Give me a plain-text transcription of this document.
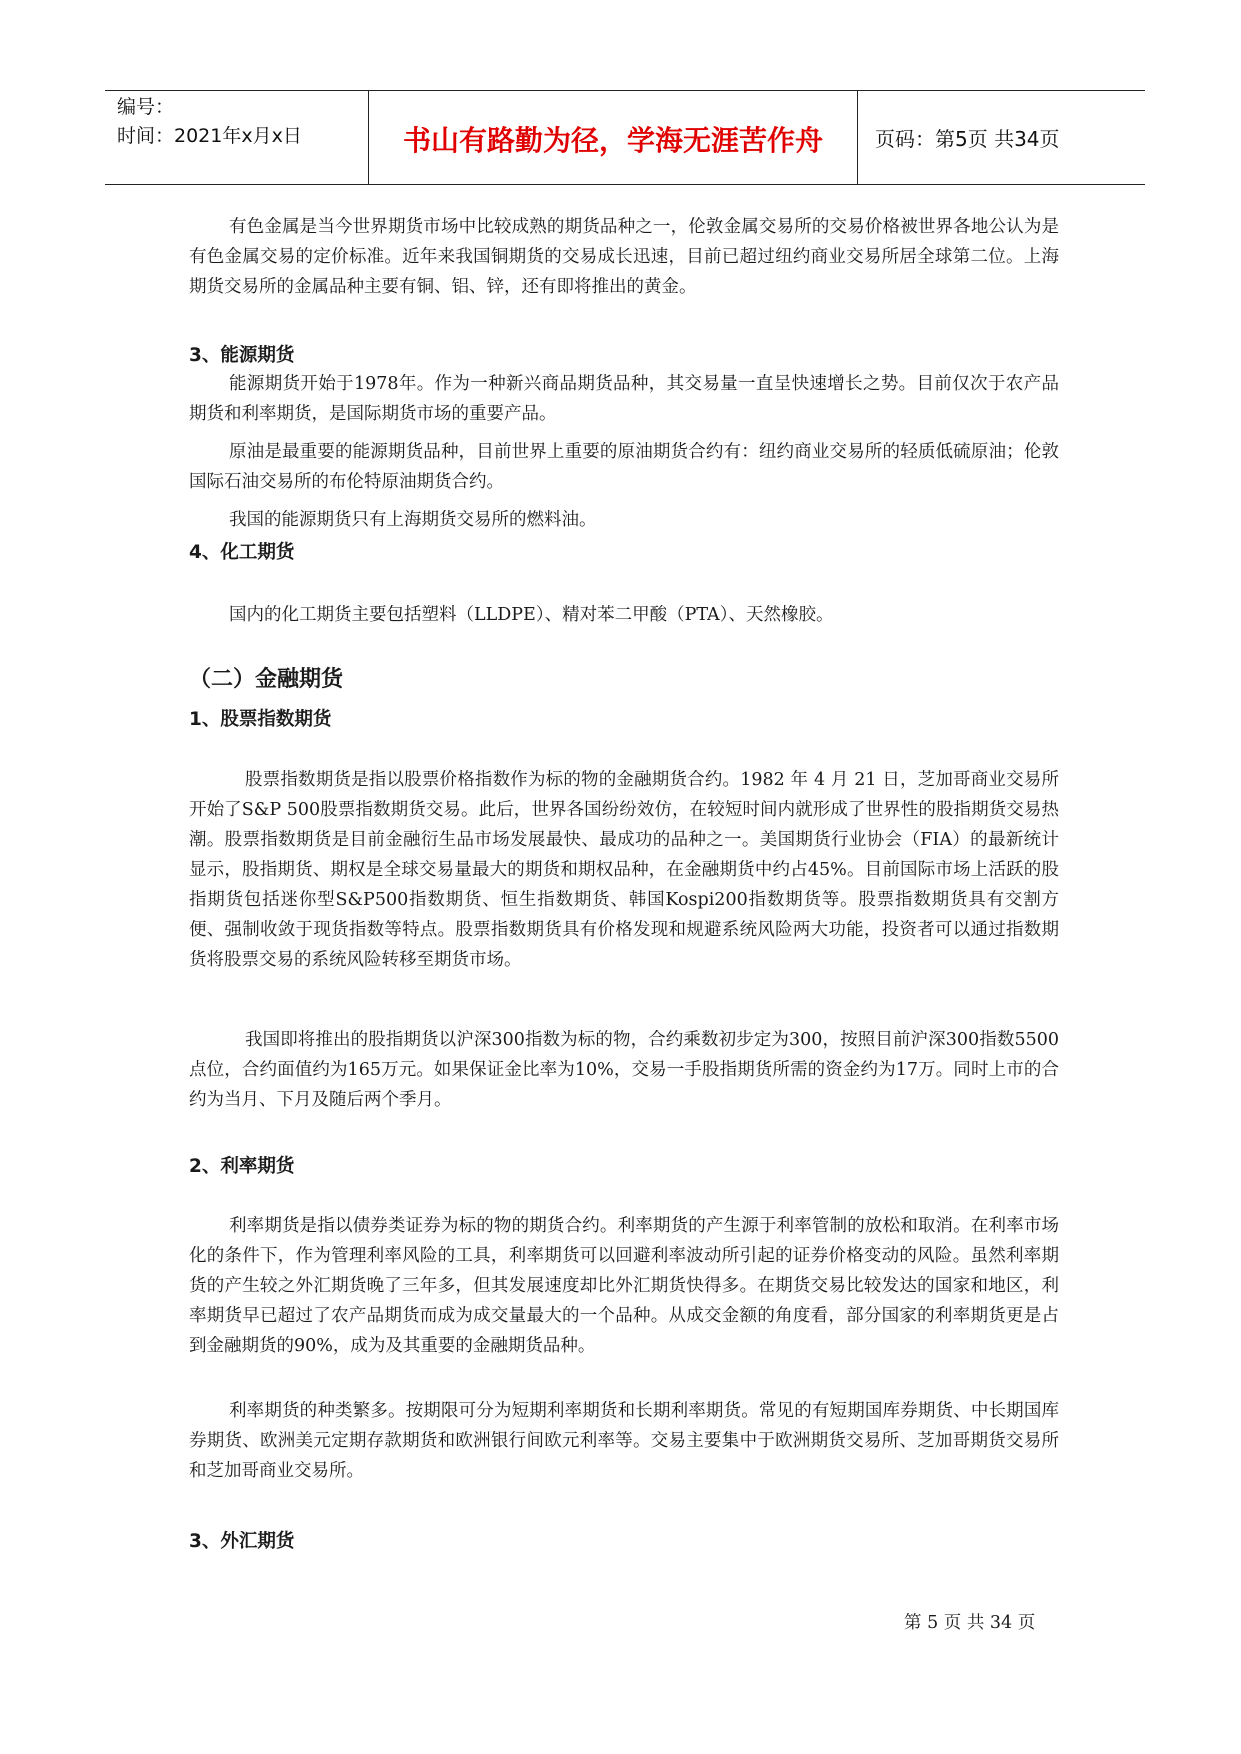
编号：
时间：2021年x月x日	书山有路勤为径，学海无涯苦作舟	页码：第5页 共34页

有色金属是当今世界期货市场中比较成熟的期货品种之一，伦敦金属交易所的交易价格被世界各地公认为是有色金属交易的定价标准。近年来我国铜期货的交易成长迅速，目前已超过纽约商业交易所居全球第二位。上海期货交易所的金属品种主要有铜、铝、锌，还有即将推出的黄金。

3、能源期货

能源期货开始于1978年。作为一种新兴商品期货品种，其交易量一直呈快速增长之势。目前仅次于农产品期货和利率期货，是国际期货市场的重要产品。

原油是最重要的能源期货品种，目前世界上重要的原油期货合约有：纽约商业交易所的轻质低硫原油；伦敦国际石油交易所的布伦特原油期货合约。

我国的能源期货只有上海期货交易所的燃料油。

4、化工期货

国内的化工期货主要包括塑料（LLDPE）、精对苯二甲酸（PTA）、天然橡胶。

（二）金融期货
1、股票指数期货

股票指数期货是指以股票价格指数作为标的物的金融期货合约。1982 年 4 月 21 日，芝加哥商业交易所开始了S&P 500股票指数期货交易。此后，世界各国纷纷效仿，在较短时间内就形成了世界性的股指期货交易热潮。股票指数期货是目前金融衍生品市场发展最快、最成功的品种之一。美国期货行业协会（FIA）的最新统计显示，股指期货、期权是全球交易量最大的期货和期权品种，在金融期货中约占45%。目前国际市场上活跃的股指期货包括迷你型S&P500指数期货、恒生指数期货、韩国Kospi200指数期货等。股票指数期货具有交割方便、强制收敛于现货指数等特点。股票指数期货具有价格发现和规避系统风险两大功能，投资者可以通过指数期货将股票交易的系统风险转移至期货市场。

我国即将推出的股指期货以沪深300指数为标的物，合约乘数初步定为300，按照目前沪深300指数5500点位，合约面值约为165万元。如果保证金比率为10%，交易一手股指期货所需的资金约为17万。同时上市的合约为当月、下月及随后两个季月。

2、利率期货

利率期货是指以债券类证券为标的物的期货合约。利率期货的产生源于利率管制的放松和取消。在利率市场化的条件下，作为管理利率风险的工具，利率期货可以回避利率波动所引起的证券价格变动的风险。虽然利率期货的产生较之外汇期货晚了三年多，但其发展速度却比外汇期货快得多。在期货交易比较发达的国家和地区，利率期货早已超过了农产品期货而成为成交量最大的一个品种。从成交金额的角度看，部分国家的利率期货更是占到金融期货的90%，成为及其重要的金融期货品种。

利率期货的种类繁多。按期限可分为短期利率期货和长期利率期货。常见的有短期国库券期货、中长期国库券期货、欧洲美元定期存款期货和欧洲银行间欧元利率等。交易主要集中于欧洲期货交易所、芝加哥期货交易所和芝加哥商业交易所。

3、外汇期货
第 5 页 共 34 页
